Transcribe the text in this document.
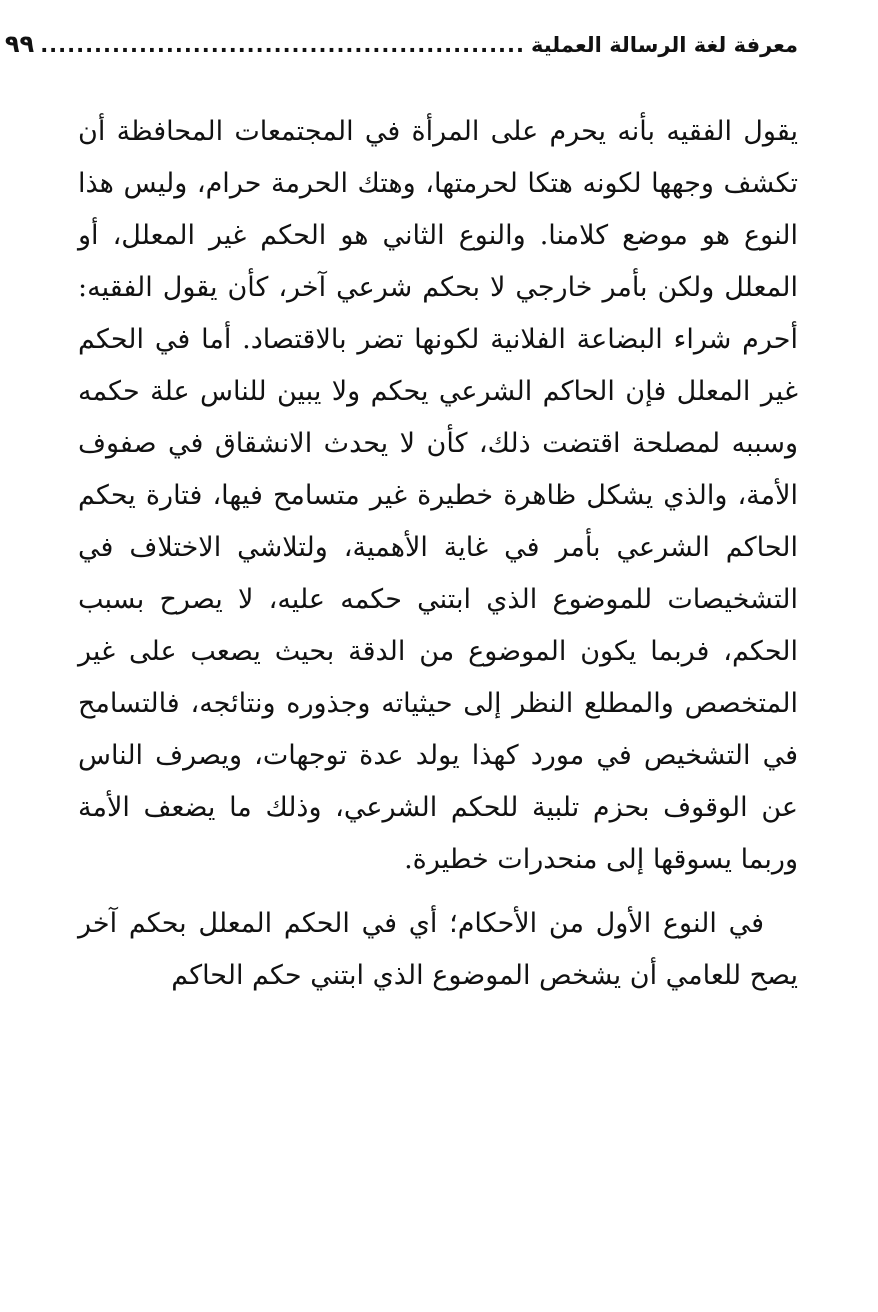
معرفة لغة الرسالة العملية
......................................................
٩٩

يقول الفقيه بأنه يحرم على المرأة في المجتمعات المحافظة أن تكشف وجهها لكونه هتكا لحرمتها، وهتك الحرمة حرام، وليس هذا النوع هو موضع كلامنا. والنوع الثاني هو الحكم غير المعلل، أو المعلل ولكن بأمر خارجي لا بحكم شرعي آخر، كأن يقول الفقيه: أحرم شراء البضاعة الفلانية لكونها تضر بالاقتصاد. أما في الحكم غير المعلل فإن الحاكم الشرعي يحكم ولا يبين للناس علة حكمه وسببه لمصلحة اقتضت ذلك، كأن لا يحدث الانشقاق في صفوف الأمة، والذي يشكل ظاهرة خطيرة غير متسامح فيها، فتارة يحكم الحاكم الشرعي بأمر في غاية الأهمية، ولتلاشي الاختلاف في التشخيصات للموضوع الذي ابتني حكمه عليه، لا يصرح بسبب الحكم، فربما يكون الموضوع من الدقة بحيث يصعب على غير المتخصص والمطلع النظر إلى حيثياته وجذوره ونتائجه، فالتسامح في التشخيص في مورد كهذا يولد عدة توجهات، ويصرف الناس عن الوقوف بحزم تلبية للحكم الشرعي، وذلك ما يضعف الأمة وربما يسوقها إلى منحدرات خطيرة.

في النوع الأول من الأحكام؛ أي في الحكم المعلل بحكم آخر يصح للعامي أن يشخص الموضوع الذي ابتني حكم الحاكم
